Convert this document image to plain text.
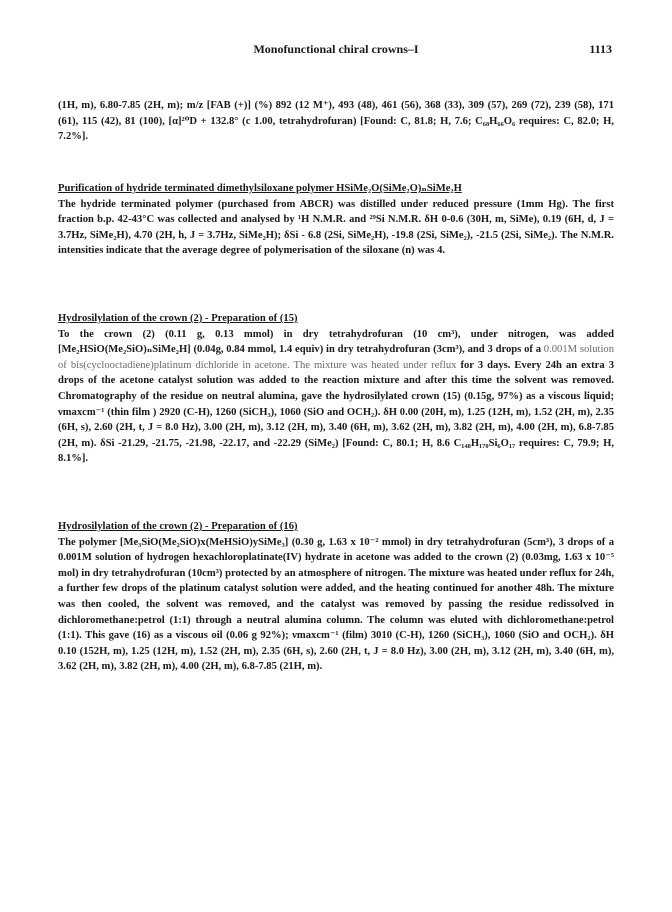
Monofunctional chiral crowns–I	1113

(1H, m), 6.80-7.85 (2H, m); m/z [FAB (+)] (%) 892 (12 M⁺), 493 (48), 461 (56), 368 (33), 309 (57), 269 (72), 239 (58), 171 (61), 115 (42), 81 (100), [α]²⁰D + 132.8° (c 1.00, tetrahydrofuran) [Found: C, 81.8; H, 7.6; C₆₈H₆₆O₆ requires: C, 82.0; H, 7.2%].

Purification of hydride terminated dimethylsiloxane polymer HSiMe₂O(SiMe₂O)ₙSiMe₂H

The hydride terminated polymer (purchased from ABCR) was distilled under reduced pressure (1mm Hg). The first fraction b.p. 42-43°C was collected and analysed by ¹H N.M.R. and ²⁹Si N.M.R. δH 0-0.6 (30H, m, SiMe), 0.19 (6H, d, J = 3.7Hz, SiMe₂H), 4.70 (2H, h, J = 3.7Hz, SiMe₂H); δSi - 6.8 (2Si, SiMe₂H), -19.8 (2Si, SiMe₂), -21.5 (2Si, SiMe₂). The N.M.R. intensities indicate that the average degree of polymerisation of the siloxane (n) was 4.

Hydrosilylation of the crown (2) - Preparation of (15)

To the crown (2) (0.11 g, 0.13 mmol) in dry tetrahydrofuran (10 cm³), under nitrogen, was added [Me₂HSiO(Me₂SiO)ₙSiMe₂H] (0.04g, 0.84 mmol, 1.4 equiv) in dry tetrahydrofuran (3cm³), and 3 drops of a 0.001M solution of bis(cyclooctadiene)platinum dichloride in acetone. The mixture was heated under reflux for 3 days. Every 24h an extra 3 drops of the acetone catalyst solution was added to the reaction mixture and after this time the solvent was removed. Chromatography of the residue on neutral alumina, gave the hydrosilylated crown (15) (0.15g, 97%) as a viscous liquid; νmaxcm⁻¹ (thin film ) 2920 (C-H), 1260 (SiCH₃), 1060 (SiO and OCH₂). δH 0.00 (20H, m), 1.25 (12H, m), 1.52 (2H, m), 2.35 (6H, s), 2.60 (2H, t, J = 8.0 Hz), 3.00 (2H, m), 3.12 (2H, m), 3.40 (6H, m), 3.62 (2H, m), 3.82 (2H, m), 4.00 (2H, m), 6.8-7.85 (2H, m). δSi -21.29, -21.75, -21.98, -22.17, and -22.29 (SiMe₂) [Found: C, 80.1; H, 8.6 C₁₄₈H₁₇₀Si₆O₁₇ requires: C, 79.9; H, 8.1%].

Hydrosilylation of the crown (2) - Preparation of (16)

The polymer [Me₃SiO(Me₂SiO)x(MeHSiO)ySiMe₃] (0.30 g, 1.63 x 10⁻² mmol) in dry tetrahydrofuran (5cm³), 3 drops of a 0.001M solution of hydrogen hexachloroplatinate(IV) hydrate in acetone was added to the crown (2) (0.03mg, 1.63 x 10⁻⁵ mol) in dry tetrahydrofuran (10cm³) protected by an atmosphere of nitrogen. The mixture was heated under reflux for 24h, a further few drops of the platinum catalyst solution were added, and the heating continued for another 48h. The mixture was then cooled, the solvent was removed, and the catalyst was removed by passing the residue redissolved in dichloromethane:petrol (1:1) through a neutral alumina column. The column was eluted with dichloromethane:petrol (1:1). This gave (16) as a viscous oil (0.06 g 92%); νmaxcm⁻¹ (film) 3010 (C-H), 1260 (SiCH₃), 1060 (SiO and OCH₂). δH 0.10 (152H, m), 1.25 (12H, m), 1.52 (2H, m), 2.35 (6H, s), 2.60 (2H, t, J = 8.0 Hz), 3.00 (2H, m), 3.12 (2H, m), 3.40 (6H, m), 3.62 (2H, m), 3.82 (2H, m), 4.00 (2H, m), 6.8-7.85 (21H, m).
